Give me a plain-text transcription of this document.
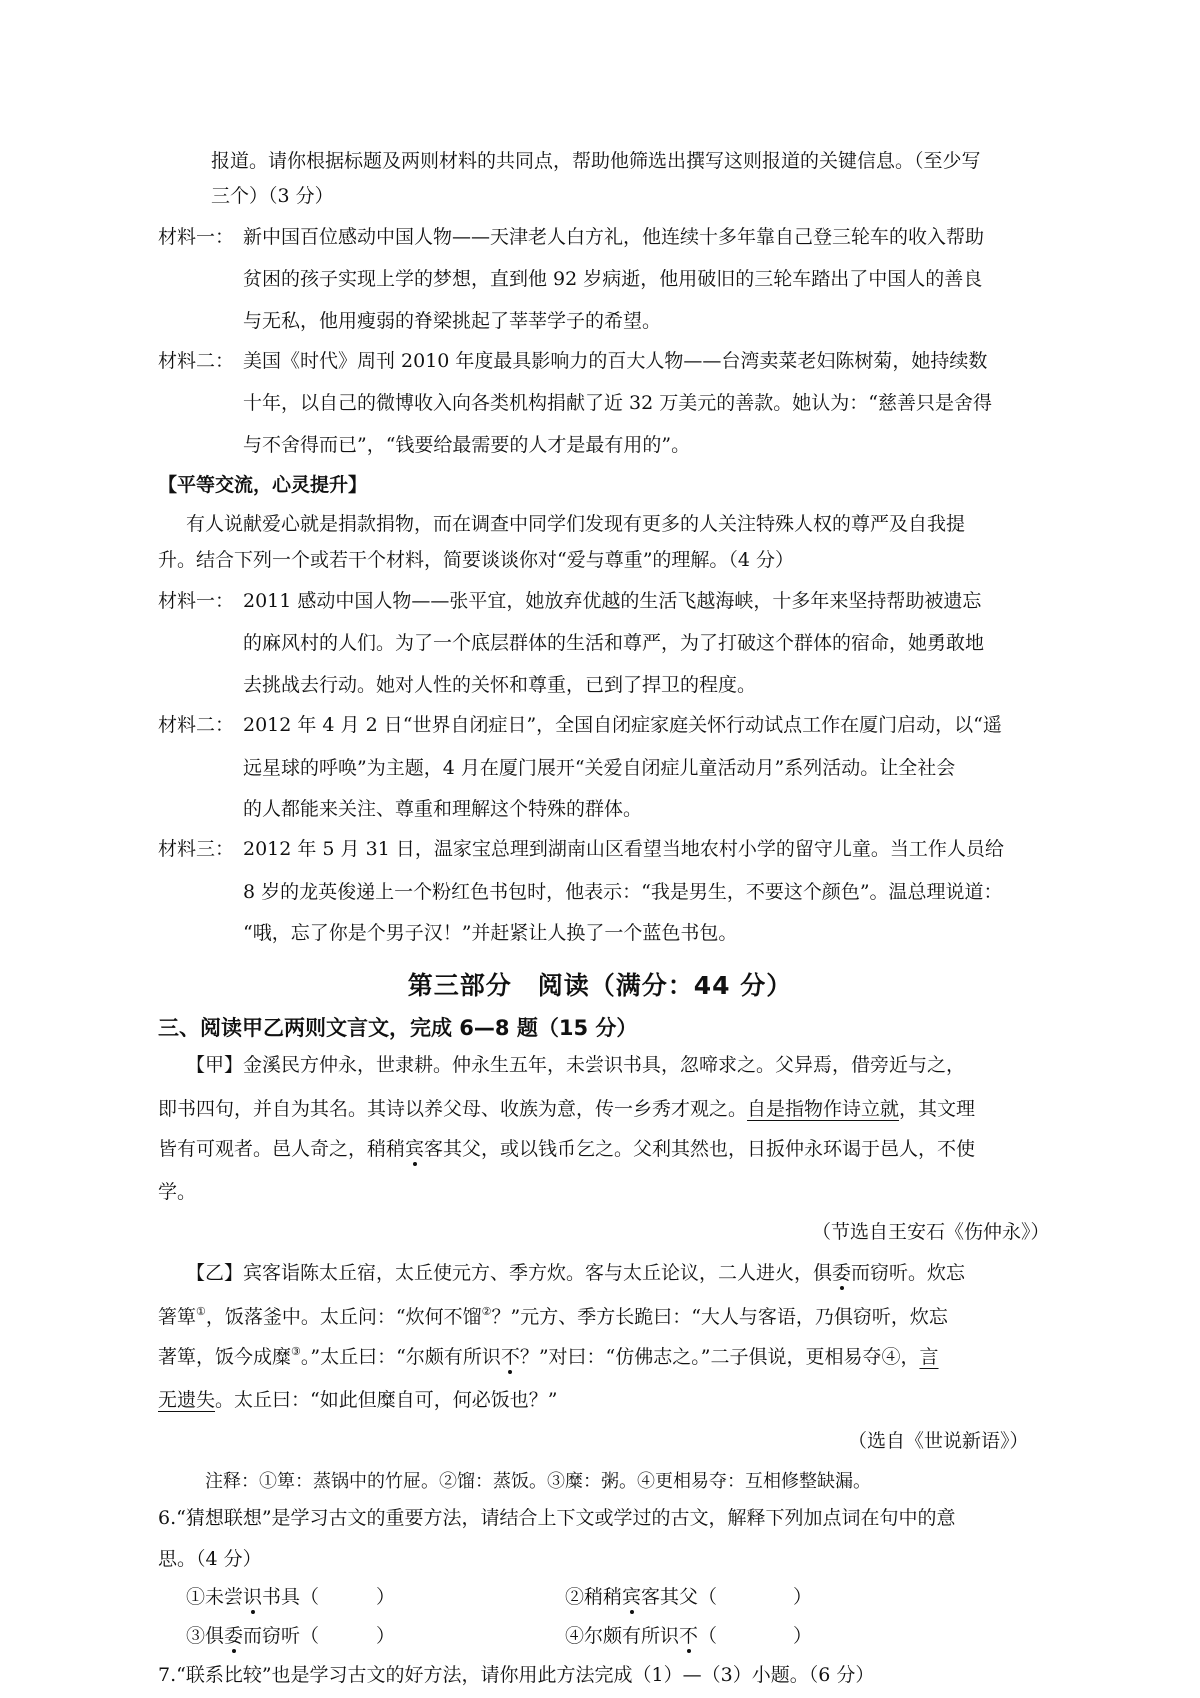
报道。请你根据标题及两则材料的共同点，帮助他筛选出撰写这则报道的关键信息。（至少写
三个）（3 分）
材料一： 新中国百位感动中国人物——天津老人白方礼，他连续十多年靠自己登三轮车的收入帮助
贫困的孩子实现上学的梦想，直到他 92 岁病逝，他用破旧的三轮车踏出了中国人的善良
与无私，他用瘦弱的脊梁挑起了莘莘学子的希望。
材料二： 美国《时代》周刊 2010 年度最具影响力的百大人物——台湾卖菜老妇陈树菊，她持续数
十年，以自己的微博收入向各类机构捐献了近 32 万美元的善款。她认为：“慈善只是舍得
与不舍得而已”，“钱要给最需要的人才是最有用的”。
【平等交流，心灵提升】
有人说献爱心就是捐款捐物，而在调查中同学们发现有更多的人关注特殊人权的尊严及自我提
升。结合下列一个或若干个材料，简要谈谈你对“爱与尊重”的理解。（4 分）
材料一： 2011 感动中国人物——张平宜，她放弃优越的生活飞越海峡，十多年来坚持帮助被遗忘
的麻风村的人们。为了一个底层群体的生活和尊严，为了打破这个群体的宿命，她勇敢地
去挑战去行动。她对人性的关怀和尊重，已到了捍卫的程度。
材料二： 2012 年 4 月 2 日“世界自闭症日”，全国自闭症家庭关怀行动试点工作在厦门启动，以“遥
远星球的呼唤”为主题，4 月在厦门展开“关爱自闭症儿童活动月”系列活动。让全社会
的人都能来关注、尊重和理解这个特殊的群体。
材料三： 2012 年 5 月 31 日，温家宝总理到湖南山区看望当地农村小学的留守儿童。当工作人员给
8 岁的龙英俊递上一个粉红色书包时，他表示：“我是男生，不要这个颜色”。温总理说道：
“哦，忘了你是个男子汉！”并赶紧让人换了一个蓝色书包。
第三部分　阅读（满分：44 分）
三、阅读甲乙两则文言文，完成 6—8 题（15 分）
【甲】金溪民方仲永，世隶耕。仲永生五年，未尝识书具，忽啼求之。父异焉，借旁近与之，
即书四句，并自为其名。其诗以养父母、收族为意，传一乡秀才观之。自是指物作诗立就，其文理
皆有可观者。邑人奇之，稍稍宾客其父，或以钱币乞之。父利其然也，日扳仲永环谒于邑人，不使
学。
（节选自王安石《伤仲永》）
【乙】宾客诣陈太丘宿，太丘使元方、季方炊。客与太丘论议，二人进火，俱委而窃听。炊忘
箸箄①，饭落釜中。太丘问：“炊何不馏②？”元方、季方长跪曰：“大人与客语，乃俱窃听，炊忘
著箄，饭今成糜③。”太丘曰：“尔颇有所识不？”对曰：“仿佛志之。”二子俱说，更相易夺④，言
无遗失。太丘曰：“如此但糜自可，何必饭也？”
（选自《世说新语》）
注释：①箄：蒸锅中的竹屉。②馏：蒸饭。③糜：粥。④更相易夺：互相修整缺漏。
6.“猜想联想”是学习古文的重要方法，请结合上下文或学过的古文，解释下列加点词在句中的意
思。（4 分）
①未尝识书具（　　　）	②稍稍宾客其父（　　　　）
③俱委而窃听（　　　）	④尔颇有所识不（　　　　）
7.“联系比较”也是学习古文的好方法，请你用此方法完成（1）—（3）小题。（6 分）
